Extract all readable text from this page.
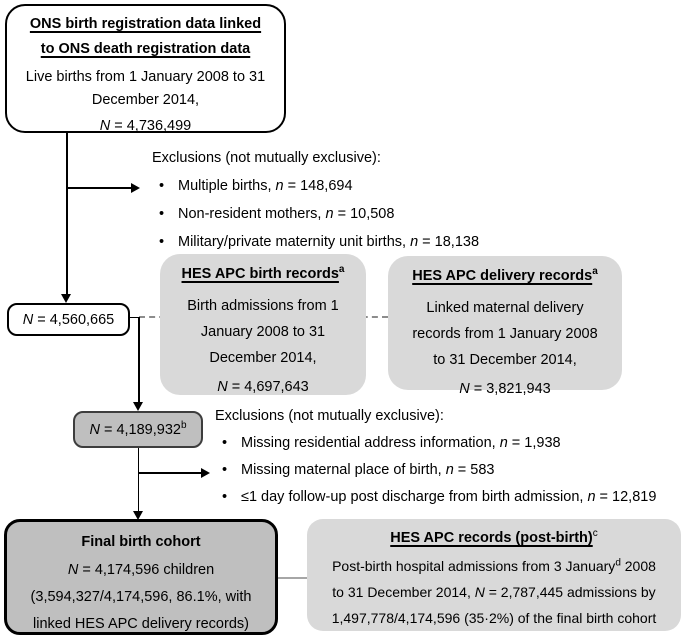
ONS birth registration data linked
to ONS death registration data
Live births from 1 January 2008 to 31
December 2014,
N = 4,736,499
Exclusions (not mutually exclusive):
• Multiple births, n = 148,694
• Non-resident mothers, n = 10,508
• Military/private maternity unit births, n = 18,138
N = 4,560,665
HES APC birth records$^a$
Birth admissions from 1
January 2008 to 31
December 2014,
N = 4,697,643
HES APC delivery records$^a$
Linked maternal delivery
records from 1 January 2008
to 31 December 2014,
N = 3,821,943
N = 4,189,932$^b$
Exclusions (not mutually exclusive):
• Missing residential address information, n = 1,938
• Missing maternal place of birth, n = 583
• ≤1 day follow-up post discharge from birth admission, n = 12,819
Final birth cohort
N = 4,174,596 children
(3,594,327/4,174,596, 86.1%, with
linked HES APC delivery records)
HES APC records (post-birth)$^c$
Post-birth hospital admissions from 3 January$^d$ 2008
to 31 December 2014, N = 2,787,445 admissions by
1,497,778/4,174,596 (35·2%) of the final birth cohort
